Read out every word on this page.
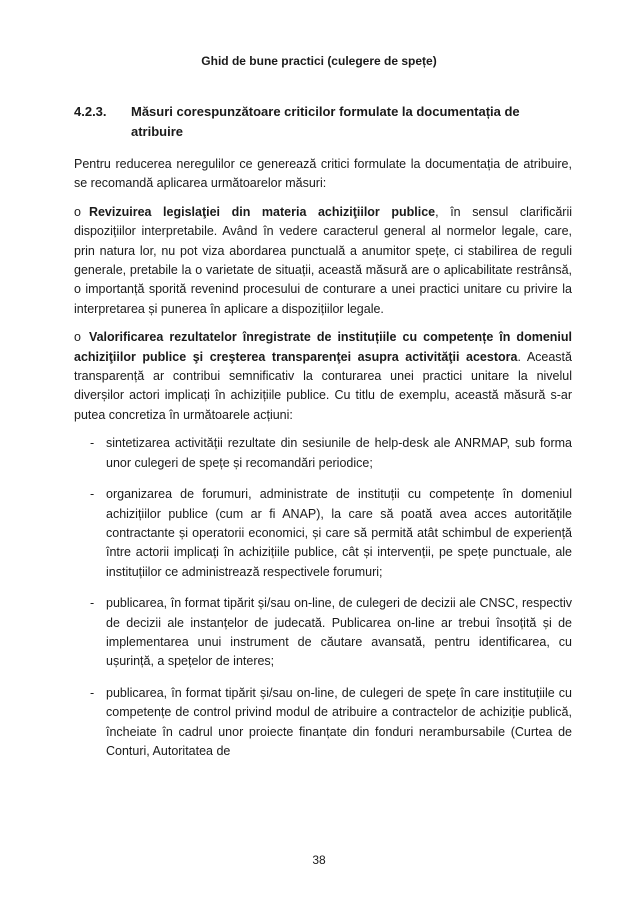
Ghid de bune practici (culegere de spețe)
4.2.3. Măsuri corespunzătoare criticilor formulate la documentația de atribuire

Pentru reducerea neregulilor ce generează critici formulate la documentația de atribuire, se recomandă aplicarea următoarelor măsuri:

o Revizuirea legislaţiei din materia achiziţiilor publice, în sensul clarificării dispozițiilor interpretabile. Având în vedere caracterul general al normelor legale, care, prin natura lor, nu pot viza abordarea punctuală a anumitor spețe, ci stabilirea de reguli generale, pretabile la o varietate de situații, această măsură are o aplicabilitate restrânsă, o importanță sporită revenind procesului de conturare a unei practici unitare cu privire la interpretarea și punerea în aplicare a dispozițiilor legale.

o Valorificarea rezultatelor înregistrate de instituțiile cu competențe în domeniul achiziţiilor publice şi creşterea transparenţei asupra activităţii acestora. Această transparență ar contribui semnificativ la conturarea unei practici unitare la nivelul diverșilor actori implicați în achizițiile publice. Cu titlu de exemplu, această măsură s-ar putea concretiza în următoarele acțiuni:

- sintetizarea activității rezultate din sesiunile de help-desk ale ANRMAP, sub forma unor culegeri de spețe și recomandări periodice;
- organizarea de forumuri, administrate de instituții cu competențe în domeniul achizițiilor publice (cum ar fi ANAP), la care să poată avea acces autoritățile contractante și operatorii economici, și care să permită atât schimbul de experiență între actorii implicați în achizițiile publice, cât și intervenții, pe spețe punctuale, ale instituțiilor ce administrează respectivele forumuri;
- publicarea, în format tipărit și/sau on-line, de culegeri de decizii ale CNSC, respectiv de decizii ale instanțelor de judecată. Publicarea on-line ar trebui însoțită și de implementarea unui instrument de căutare avansată, pentru identificarea, cu ușurință, a spețelor de interes;
- publicarea, în format tipărit și/sau on-line, de culegeri de spețe în care instituțiile cu competențe de control privind modul de atribuire a contractelor de achiziție publică, încheiate în cadrul unor proiecte finanțate din fonduri nerambursabile (Curtea de Conturi, Autoritatea de
38
